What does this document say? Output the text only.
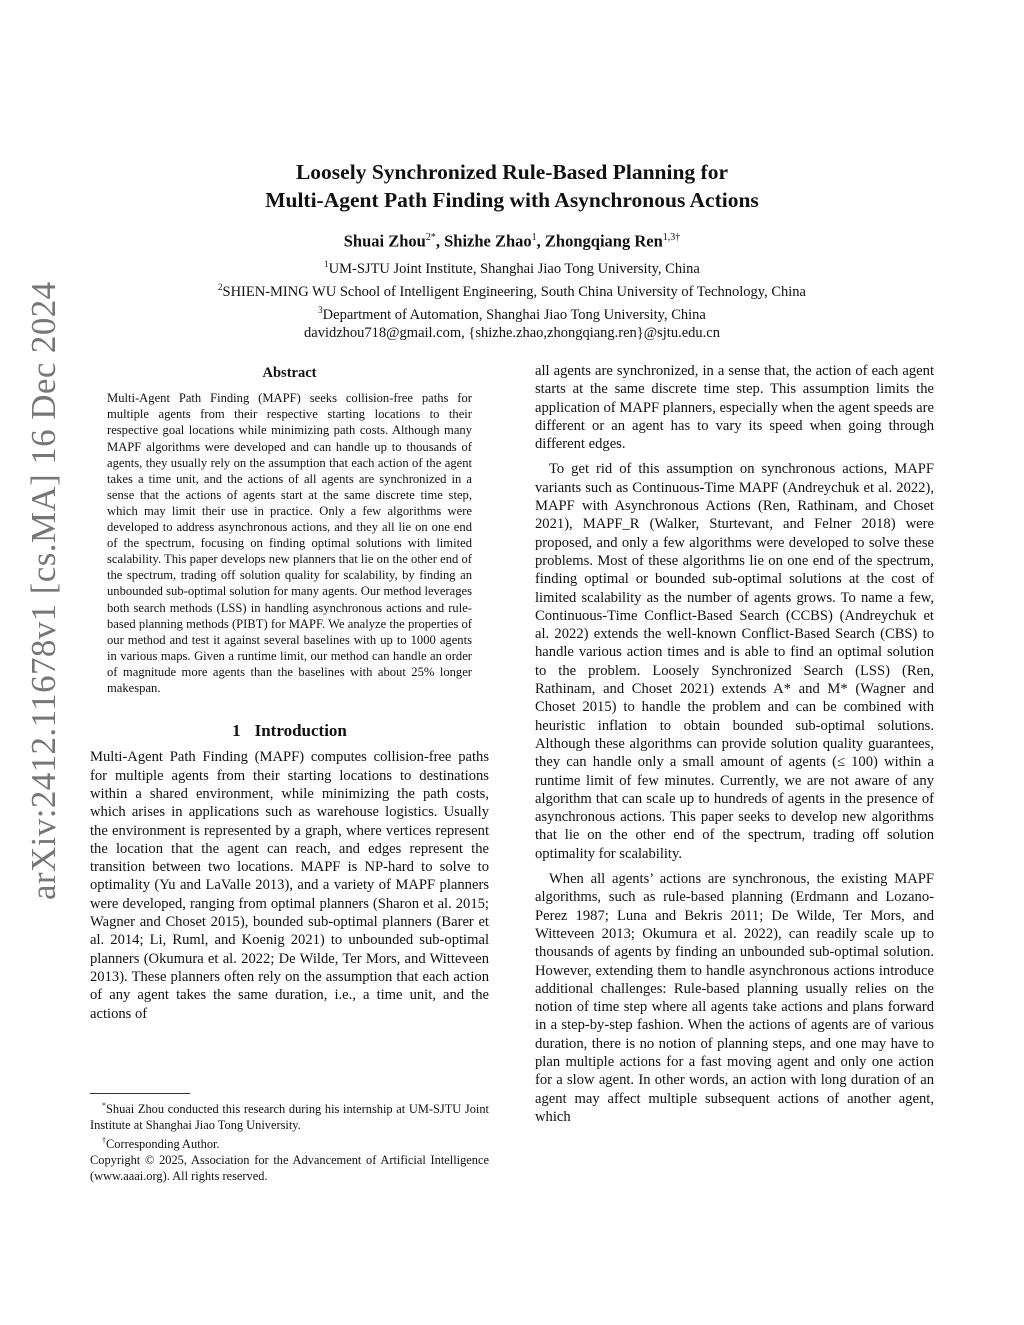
arXiv:2412.11678v1 [cs.MA] 16 Dec 2024
Loosely Synchronized Rule-Based Planning for
Multi-Agent Path Finding with Asynchronous Actions
Shuai Zhou$^{2*}$, Shizhe Zhao$^1$, Zhongqiang Ren$^{1,3\dagger}$
$^1$UM-SJTU Joint Institute, Shanghai Jiao Tong University, China
$^2$SHIEN-MING WU School of Intelligent Engineering, South China University of Technology, China
$^3$Department of Automation, Shanghai Jiao Tong University, China
davidzhou718@gmail.com, {shizhe.zhao,zhongqiang.ren}@sjtu.edu.cn
Abstract

Multi-Agent Path Finding (MAPF) seeks collision-free paths for multiple agents from their respective starting locations to their respective goal locations while minimizing path costs. Although many MAPF algorithms were developed and can handle up to thousands of agents, they usually rely on the assumption that each action of the agent takes a time unit, and the actions of all agents are synchronized in a sense that the actions of agents start at the same discrete time step, which may limit their use in practice. Only a few algorithms were developed to address asynchronous actions, and they all lie on one end of the spectrum, focusing on finding optimal solutions with limited scalability. This paper develops new planners that lie on the other end of the spectrum, trading off solution quality for scalability, by finding an unbounded sub-optimal solution for many agents. Our method leverages both search methods (LSS) in handling asynchronous actions and rule-based planning methods (PIBT) for MAPF. We analyze the properties of our method and test it against several baselines with up to 1000 agents in various maps. Given a runtime limit, our method can handle an order of magnitude more agents than the baselines with about 25% longer makespan.

1 Introduction

Multi-Agent Path Finding (MAPF) computes collision-free paths for multiple agents from their starting locations to destinations within a shared environment, while minimizing the path costs, which arises in applications such as warehouse logistics. Usually the environment is represented by a graph, where vertices represent the location that the agent can reach, and edges represent the transition between two locations. MAPF is NP-hard to solve to optimality (Yu and LaValle 2013), and a variety of MAPF planners were developed, ranging from optimal planners (Sharon et al. 2015; Wagner and Choset 2015), bounded sub-optimal planners (Barer et al. 2014; Li, Ruml, and Koenig 2021) to unbounded sub-optimal planners (Okumura et al. 2022; De Wilde, Ter Mors, and Witteveen 2013). These planners often rely on the assumption that each action of any agent takes the same duration, i.e., a time unit, and the actions of

*Shuai Zhou conducted this research during his internship at UM-SJTU Joint Institute at Shanghai Jiao Tong University.

†Corresponding Author.

Copyright © 2025, Association for the Advancement of Artificial Intelligence (www.aaai.org). All rights reserved.

all agents are synchronized, in a sense that, the action of each agent starts at the same discrete time step. This assumption limits the application of MAPF planners, especially when the agent speeds are different or an agent has to vary its speed when going through different edges.

To get rid of this assumption on synchronous actions, MAPF variants such as Continuous-Time MAPF (Andreychuk et al. 2022), MAPF with Asynchronous Actions (Ren, Rathinam, and Choset 2021), MAPF_R (Walker, Sturtevant, and Felner 2018) were proposed, and only a few algorithms were developed to solve these problems. Most of these algorithms lie on one end of the spectrum, finding optimal or bounded sub-optimal solutions at the cost of limited scalability as the number of agents grows. To name a few, Continuous-Time Conflict-Based Search (CCBS) (Andreychuk et al. 2022) extends the well-known Conflict-Based Search (CBS) to handle various action times and is able to find an optimal solution to the problem. Loosely Synchronized Search (LSS) (Ren, Rathinam, and Choset 2021) extends A* and M* (Wagner and Choset 2015) to handle the problem and can be combined with heuristic inflation to obtain bounded sub-optimal solutions. Although these algorithms can provide solution quality guarantees, they can handle only a small amount of agents (≤ 100) within a runtime limit of few minutes. Currently, we are not aware of any algorithm that can scale up to hundreds of agents in the presence of asynchronous actions. This paper seeks to develop new algorithms that lie on the other end of the spectrum, trading off solution optimality for scalability.

When all agents’ actions are synchronous, the existing MAPF algorithms, such as rule-based planning (Erdmann and Lozano-Perez 1987; Luna and Bekris 2011; De Wilde, Ter Mors, and Witteveen 2013; Okumura et al. 2022), can readily scale up to thousands of agents by finding an unbounded sub-optimal solution. However, extending them to handle asynchronous actions introduce additional challenges: Rule-based planning usually relies on the notion of time step where all agents take actions and plans forward in a step-by-step fashion. When the actions of agents are of various duration, there is no notion of planning steps, and one may have to plan multiple actions for a fast moving agent and only one action for a slow agent. In other words, an action with long duration of an agent may affect multiple subsequent actions of another agent, which
